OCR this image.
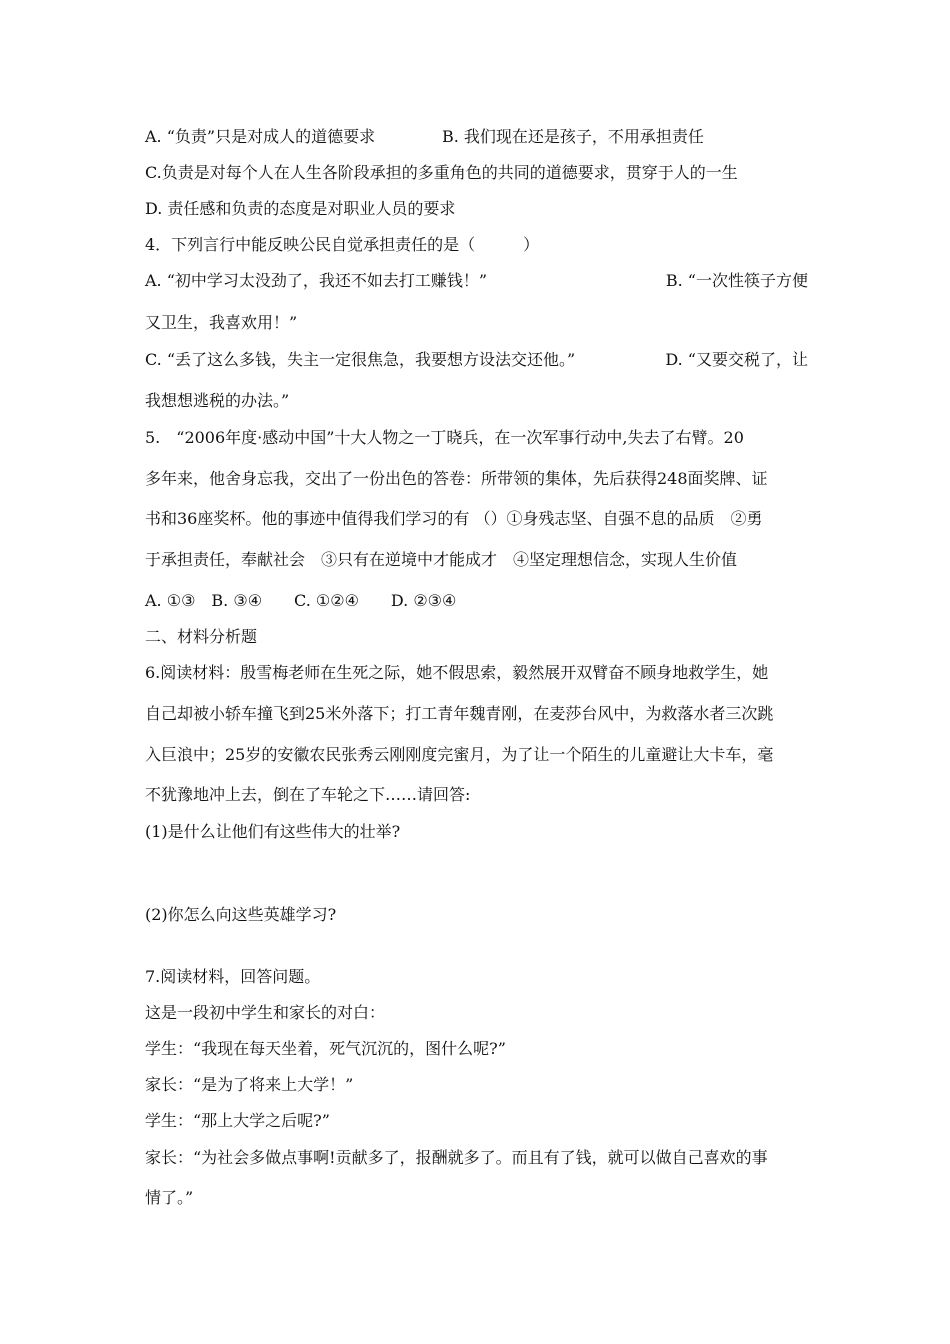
A. “负责”只是对成人的道德要求	B. 我们现在还是孩子，不用承担责任
C.负责是对每个人在人生各阶段承担的多重角色的共同的道德要求，贯穿于人的一生
D. 责任感和负责的态度是对职业人员的要求
4．下列言行中能反映公民自觉承担责任的是（　　　）
A. “初中学习太没劲了，我还不如去打工赚钱！”	B. “一次性筷子方便
又卫生，我喜欢用！”
C. “丢了这么多钱，失主一定很焦急，我要想方设法交还他。”	D. “又要交税了，让
我想想逃税的办法。”
5.　“2006年度·感动中国”十大人物之一丁晓兵，在一次军事行动中,失去了右臂。20
多年来，他舍身忘我，交出了一份出色的答卷：所带领的集体，先后获得248面奖牌、证
书和36座奖杯。他的事迹中值得我们学习的有 （）①身残志坚、自强不息的品质　②勇
于承担责任，奉献社会　③只有在逆境中才能成才　④坚定理想信念，实现人生价值
A. ①③　B. ③④　　C. ①②④　　D. ②③④
二、材料分析题
6.阅读材料：殷雪梅老师在生死之际，她不假思索，毅然展开双臂奋不顾身地救学生，她
自己却被小轿车撞飞到25米外落下；打工青年魏青刚，在麦莎台风中，为救落水者三次跳
入巨浪中；25岁的安徽农民张秀云刚刚度完蜜月，为了让一个陌生的儿童避让大卡车，毫
不犹豫地冲上去，倒在了车轮之下……请回答:
(1)是什么让他们有这些伟大的壮举?
(2)你怎么向这些英雄学习?
7.阅读材料，回答问题。
这是一段初中学生和家长的对白：
学生：“我现在每天坐着，死气沉沉的，图什么呢?”
家长：“是为了将来上大学！”
学生：“那上大学之后呢?”
家长：“为社会多做点事啊!贡献多了，报酬就多了。而且有了钱，就可以做自己喜欢的事
情了。”
